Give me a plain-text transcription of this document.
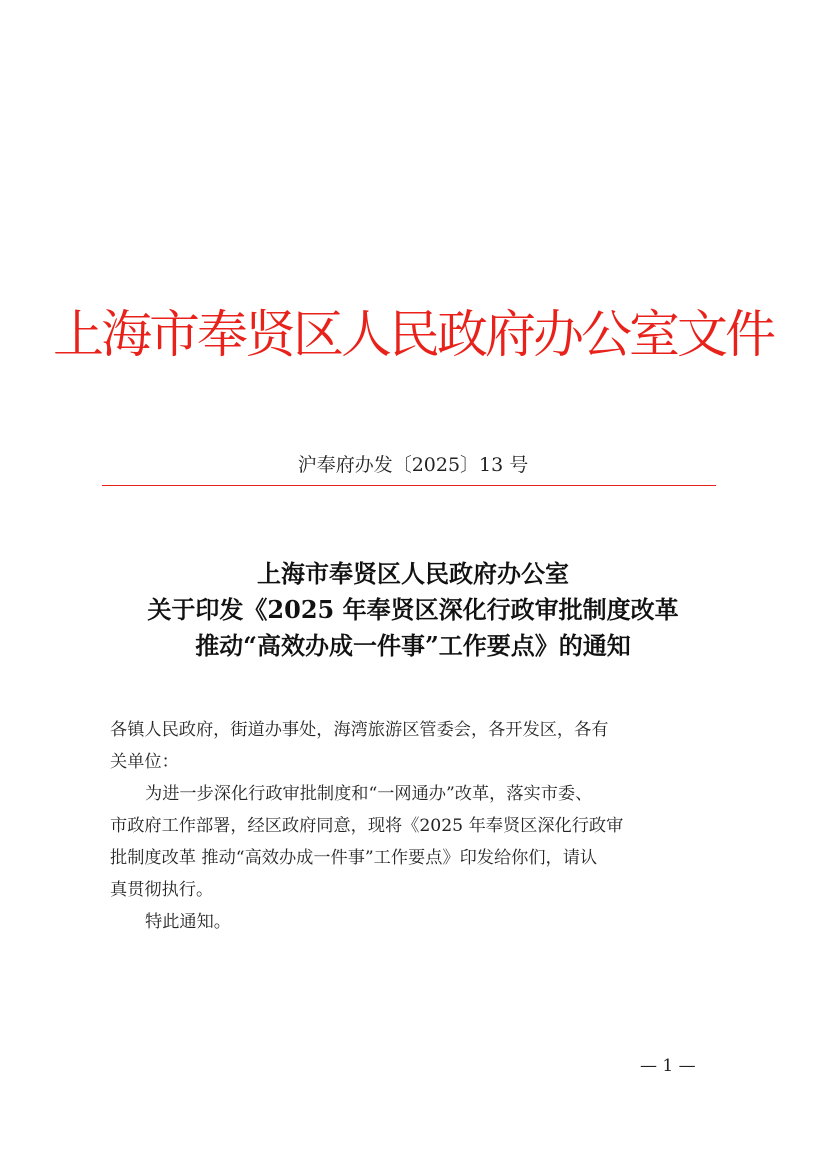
上海市奉贤区人民政府办公室文件
沪奉府办发〔2025〕13 号
上海市奉贤区人民政府办公室
关于印发《2025 年奉贤区深化行政审批制度改革
推动“高效办成一件事”工作要点》的通知
各镇人民政府，街道办事处，海湾旅游区管委会，各开发区，各有
关单位：
为进一步深化行政审批制度和“一网通办”改革，落实市委、
市政府工作部署，经区政府同意，现将《2025 年奉贤区深化行政审
批制度改革 推动“高效办成一件事”工作要点》印发给你们，请认
真贯彻执行。
特此通知。
— 1 —
